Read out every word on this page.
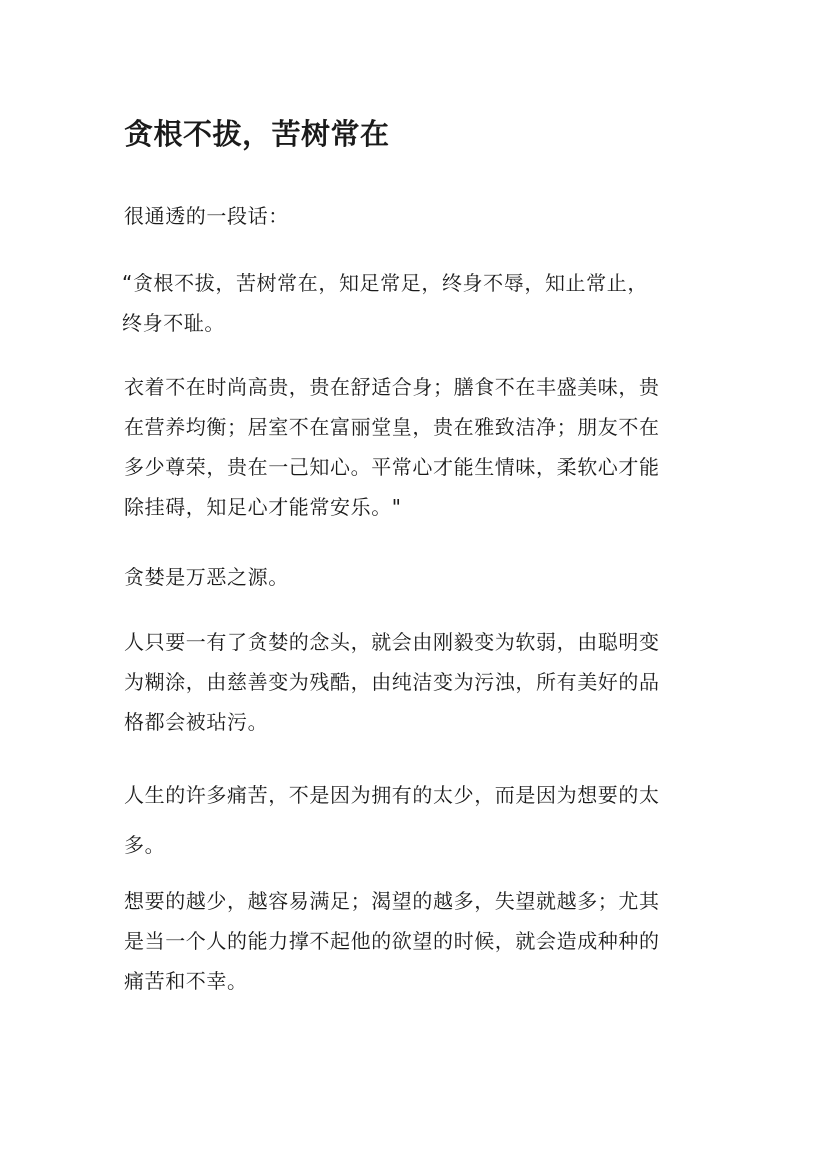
贪根不拔，苦树常在

很通透的一段话：

“贪根不拔，苦树常在，知足常足，终身不辱，知止常止，
终身不耻。

衣着不在时尚高贵，贵在舒适合身；膳食不在丰盛美味，贵
在营养均衡；居室不在富丽堂皇，贵在雅致洁净；朋友不在
多少尊荣，贵在一己知心。平常心才能生情味，柔软心才能
除挂碍，知足心才能常安乐。"

贪婪是万恶之源。

人只要一有了贪婪的念头，就会由刚毅变为软弱，由聪明变
为糊涂，由慈善变为残酷，由纯洁变为污浊，所有美好的品
格都会被玷污。

人生的许多痛苦，不是因为拥有的太少，而是因为想要的太
多。

想要的越少，越容易满足；渴望的越多，失望就越多；尤其
是当一个人的能力撑不起他的欲望的时候，就会造成种种的
痛苦和不幸。
